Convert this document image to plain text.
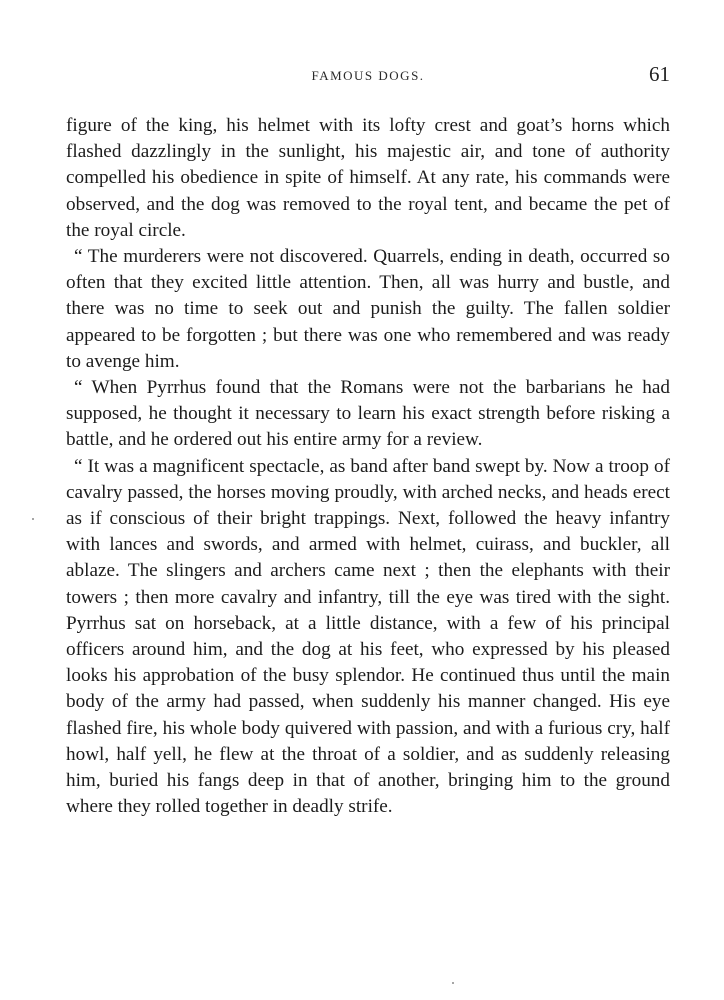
FAMOUS DOGS.	61

figure of the king, his helmet with its lofty crest and goat’s horns which flashed dazzlingly in the sunlight, his majestic air, and tone of authority compelled his obedience in spite of himself. At any rate, his commands were observed, and the dog was removed to the royal tent, and became the pet of the royal circle.

“ The murderers were not discovered. Quarrels, ending in death, occurred so often that they excited little attention. Then, all was hurry and bustle, and there was no time to seek out and punish the guilty. The fallen soldier appeared to be forgotten ; but there was one who remembered and was ready to avenge him.

“ When Pyrrhus found that the Romans were not the barbarians he had supposed, he thought it necessary to learn his exact strength before risking a battle, and he ordered out his entire army for a review.

“ It was a magnificent spectacle, as band after band swept by. Now a troop of cavalry passed, the horses moving proudly, with arched necks, and heads erect as if conscious of their bright trappings. Next, followed the heavy infantry with lances and swords, and armed with helmet, cuirass, and buckler, all ablaze. The slingers and archers came next ; then the elephants with their towers ; then more cavalry and infantry, till the eye was tired with the sight. Pyrrhus sat on horseback, at a little distance, with a few of his principal officers around him, and the dog at his feet, who expressed by his pleased looks his approbation of the busy splendor. He continued thus until the main body of the army had passed, when suddenly his manner changed. His eye flashed fire, his whole body quivered with passion, and with a furious cry, half howl, half yell, he flew at the throat of a soldier, and as suddenly releasing him, buried his fangs deep in that of another, bringing him to the ground where they rolled together in deadly strife.
